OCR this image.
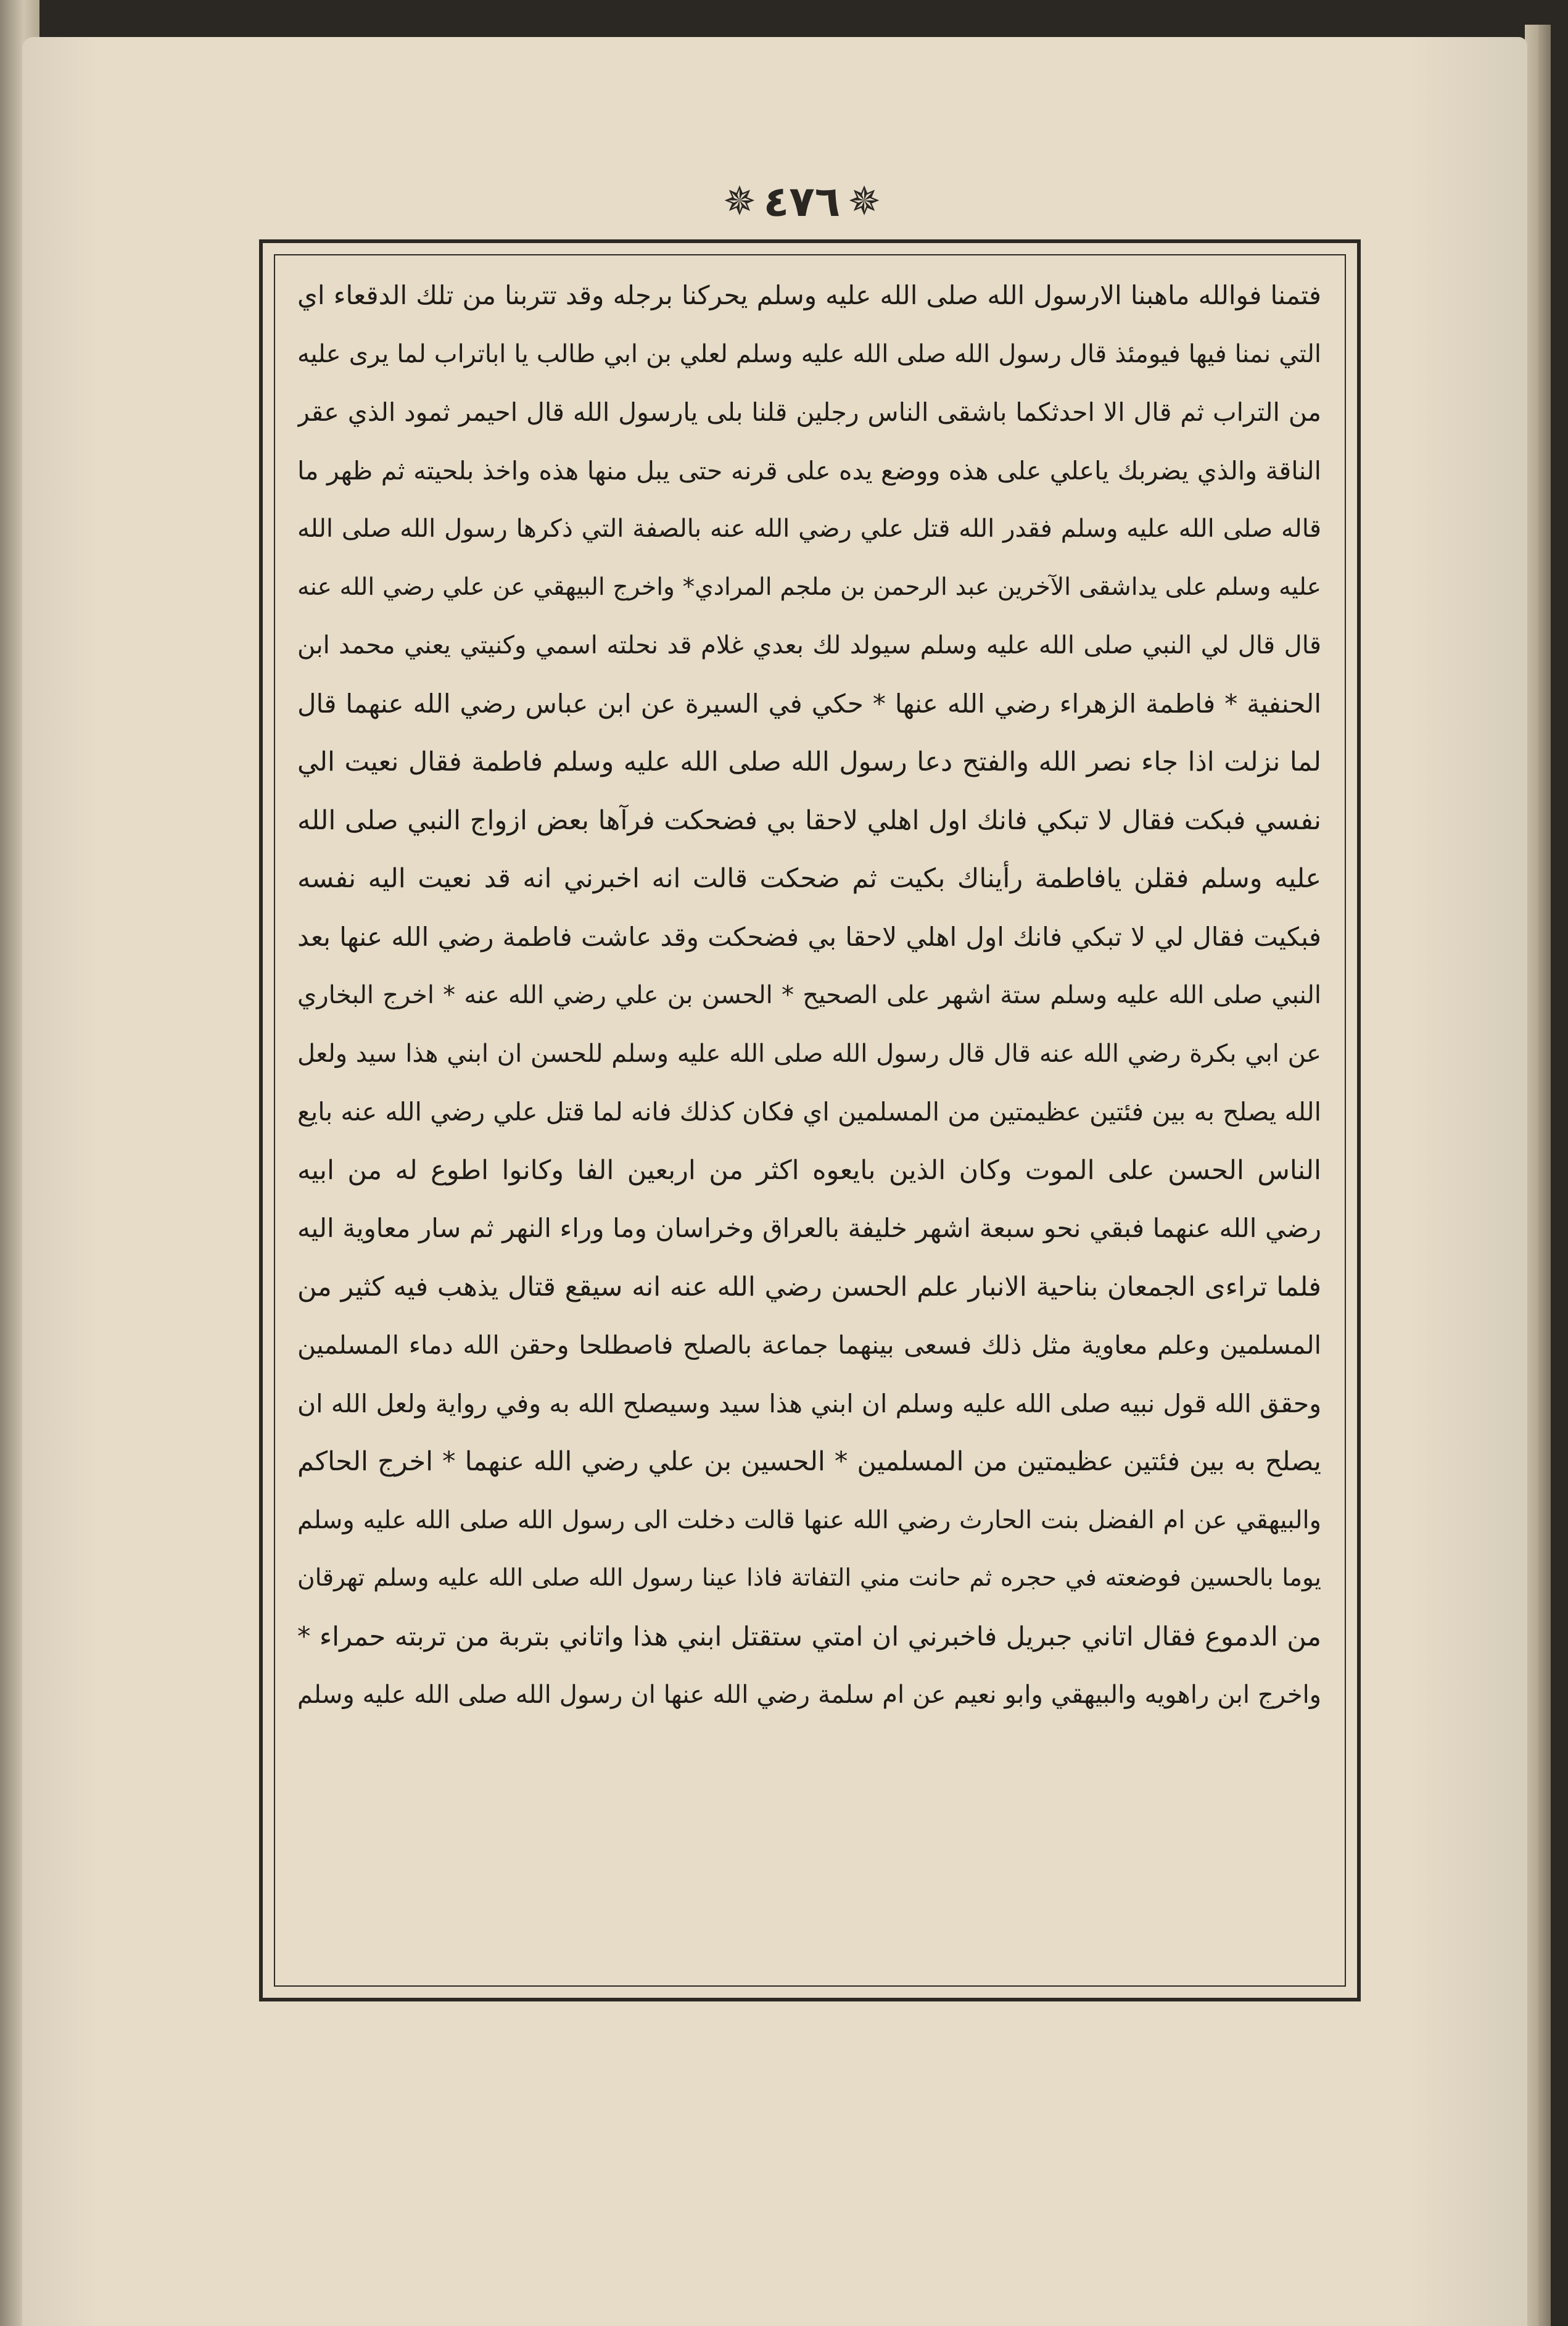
✵ ٤٧٦ ✵
فتمنا فوالله ماهبنا الارسول الله صلى الله عليه وسلم يحركنا برجله وقد تتربنا من تلك الدقعاء اي
التي نمنا فيها فيومئذ قال رسول الله صلى الله عليه وسلم لعلي بن ابي طالب يا اباتراب لما يرى عليه
من التراب ثم قال الا احدثكما باشقى الناس رجلين قلنا بلى يارسول الله قال احيمر ثمود الذي عقر
الناقة والذي يضربك ياعلي على هذه ووضع يده على قرنه حتى يبل منها هذه واخذ بلحيته ثم ظهر ما
قاله صلى الله عليه وسلم فقدر الله قتل علي رضي الله عنه بالصفة التي ذكرها رسول الله صلى الله
عليه وسلم على يداشقى الآخرين عبد الرحمن بن ملجم المرادي* واخرج البيهقي عن علي رضي الله عنه
قال قال لي النبي صلى الله عليه وسلم سيولد لك بعدي غلام قد نحلته اسمي وكنيتي يعني محمد ابن
الحنفية * فاطمة الزهراء رضي الله عنها * حكي في السيرة عن ابن عباس رضي الله عنهما قال
لما نزلت اذا جاء نصر الله والفتح دعا رسول الله صلى الله عليه وسلم فاطمة فقال نعيت الي
نفسي فبكت فقال لا تبكي فانك اول اهلي لاحقا بي فضحكت فرآها بعض ازواج النبي صلى الله
عليه وسلم فقلن يافاطمة رأيناك بكيت ثم ضحكت قالت انه اخبرني انه قد نعيت اليه نفسه
فبكيت فقال لي لا تبكي فانك اول اهلي لاحقا بي فضحكت وقد عاشت فاطمة رضي الله عنها بعد
النبي صلى الله عليه وسلم ستة اشهر على الصحيح * الحسن بن علي رضي الله عنه * اخرج البخاري
عن ابي بكرة رضي الله عنه قال قال رسول الله صلى الله عليه وسلم للحسن ان ابني هذا سيد ولعل
الله يصلح به بين فئتين عظيمتين من المسلمين اي فكان كذلك فانه لما قتل علي رضي الله عنه بايع
الناس الحسن على الموت وكان الذين بايعوه اكثر من اربعين الفا وكانوا اطوع له من ابيه
رضي الله عنهما فبقي نحو سبعة اشهر خليفة بالعراق وخراسان وما وراء النهر ثم سار معاوية اليه
فلما تراءى الجمعان بناحية الانبار علم الحسن رضي الله عنه انه سيقع قتال يذهب فيه كثير من
المسلمين وعلم معاوية مثل ذلك فسعى بينهما جماعة بالصلح فاصطلحا وحقن الله دماء المسلمين
وحقق الله قول نبيه صلى الله عليه وسلم ان ابني هذا سيد وسيصلح الله به وفي رواية ولعل الله ان
يصلح به بين فئتين عظيمتين من المسلمين * الحسين بن علي رضي الله عنهما * اخرج الحاكم
والبيهقي عن ام الفضل بنت الحارث رضي الله عنها قالت دخلت الى رسول الله صلى الله عليه وسلم
يوما بالحسين فوضعته في حجره ثم حانت مني التفاتة فاذا عينا رسول الله صلى الله عليه وسلم تهرقان
من الدموع فقال اتاني جبريل فاخبرني ان امتي ستقتل ابني هذا واتاني بتربة من تربته حمراء *
واخرج ابن راهويه والبيهقي وابو نعيم عن ام سلمة رضي الله عنها ان رسول الله صلى الله عليه وسلم
